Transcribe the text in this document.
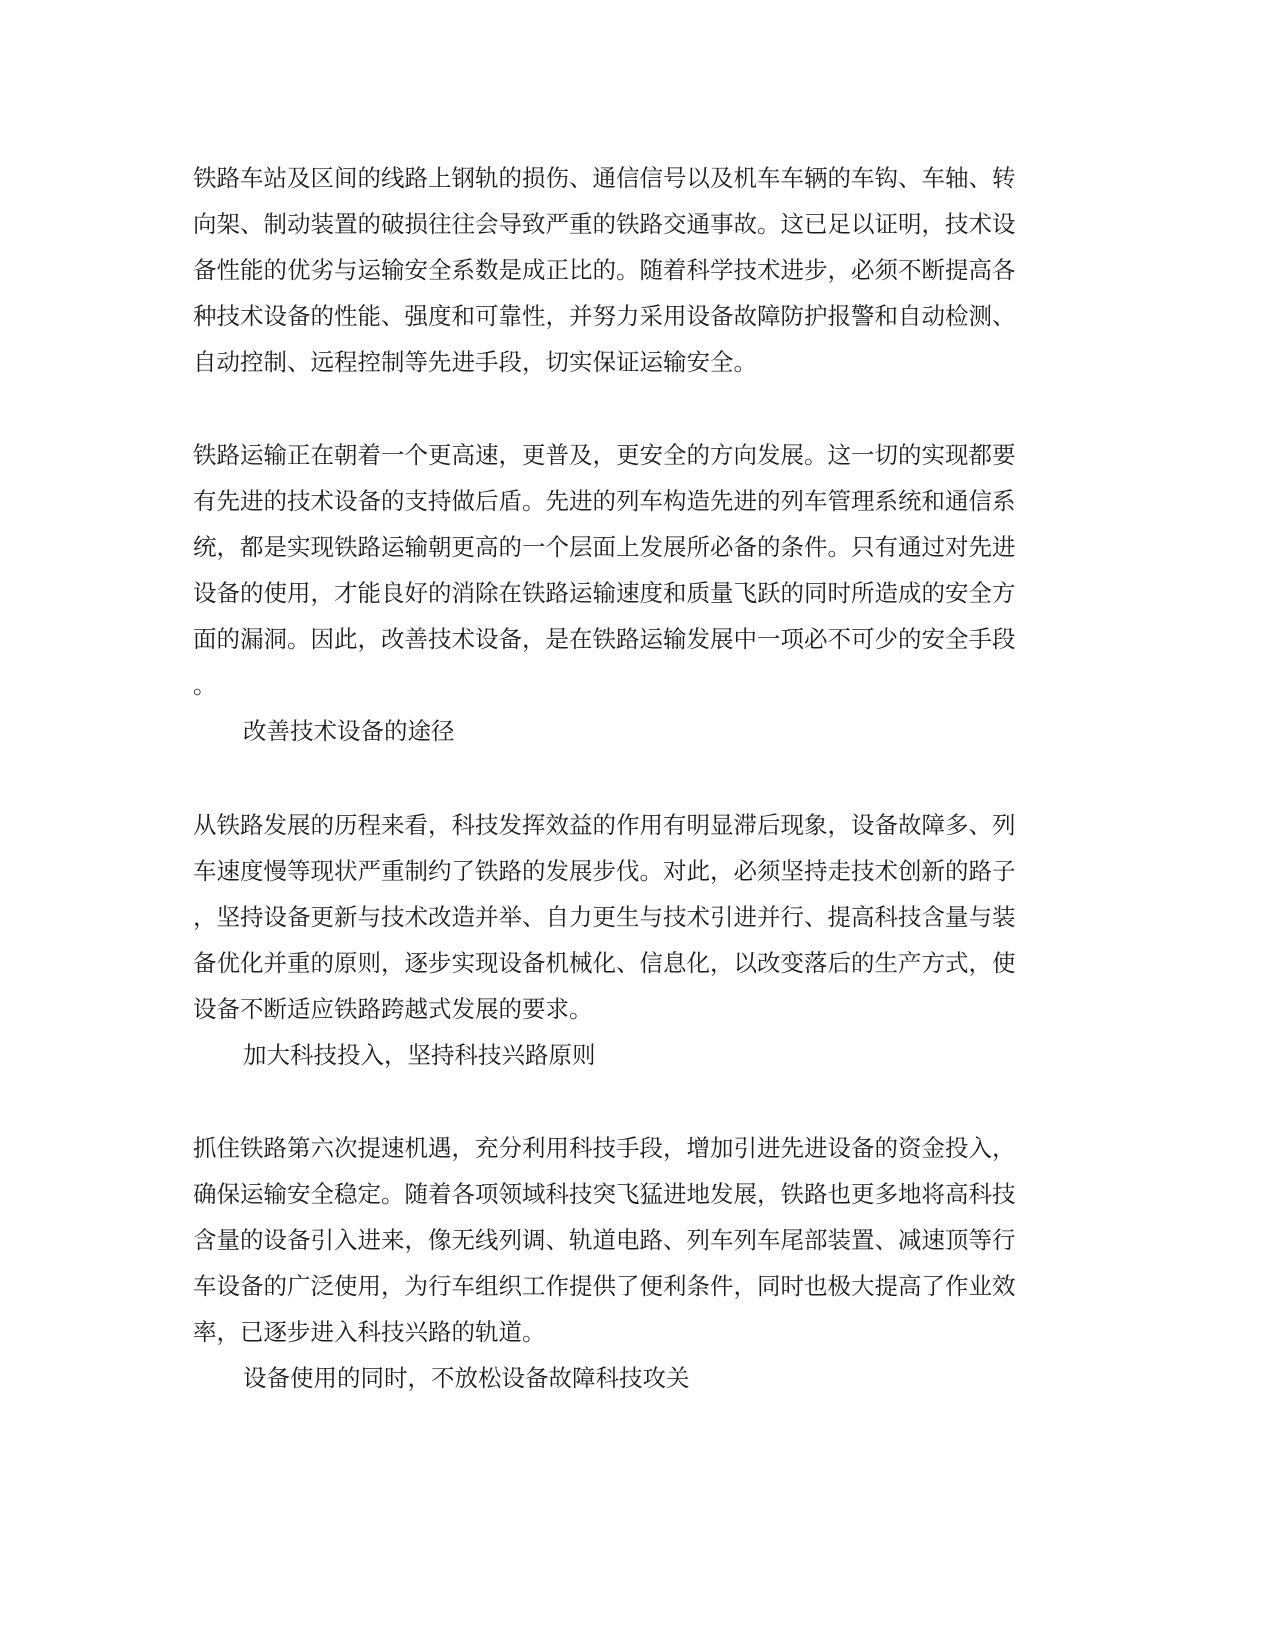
铁路车站及区间的线路上钢轨的损伤、通信信号以及机车车辆的车钩、车轴、转
向架、制动装置的破损往往会导致严重的铁路交通事故。这已足以证明，技术设
备性能的优劣与运输安全系数是成正比的。随着科学技术进步，必须不断提高各
种技术设备的性能、强度和可靠性，并努力采用设备故障防护报警和自动检测、
自动控制、远程控制等先进手段，切实保证运输安全。
铁路运输正在朝着一个更高速，更普及，更安全的方向发展。这一切的实现都要
有先进的技术设备的支持做后盾。先进的列车构造先进的列车管理系统和通信系
统，都是实现铁路运输朝更高的一个层面上发展所必备的条件。只有通过对先进
设备的使用，才能良好的消除在铁路运输速度和质量飞跃的同时所造成的安全方
面的漏洞。因此，改善技术设备，是在铁路运输发展中一项必不可少的安全手段
。
改善技术设备的途径
从铁路发展的历程来看，科技发挥效益的作用有明显滞后现象，设备故障多、列
车速度慢等现状严重制约了铁路的发展步伐。对此，必须坚持走技术创新的路子
，坚持设备更新与技术改造并举、自力更生与技术引进并行、提高科技含量与装
备优化并重的原则，逐步实现设备机械化、信息化，以改变落后的生产方式，使
设备不断适应铁路跨越式发展的要求。
加大科技投入，坚持科技兴路原则
抓住铁路第六次提速机遇，充分利用科技手段，增加引进先进设备的资金投入，
确保运输安全稳定。随着各项领域科技突飞猛进地发展，铁路也更多地将高科技
含量的设备引入进来，像无线列调、轨道电路、列车列车尾部装置、减速顶等行
车设备的广泛使用，为行车组织工作提供了便利条件，同时也极大提高了作业效
率，已逐步进入科技兴路的轨道。
设备使用的同时，不放松设备故障科技攻关
